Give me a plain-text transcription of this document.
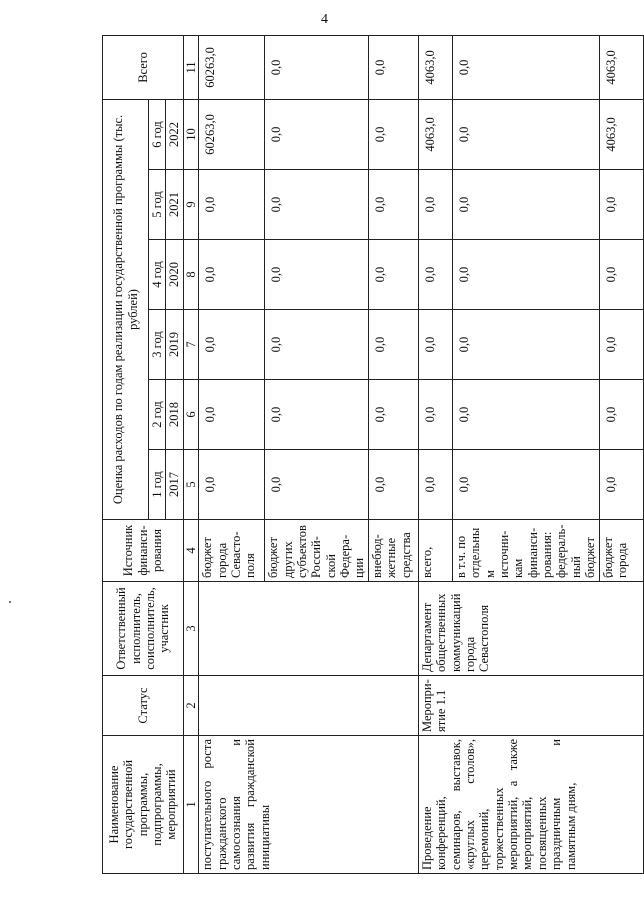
4
Наименование государственной программы, подпрограммы, мероприятий	Статус	Ответственный исполнитель, соисполнитель, участник	Источник финанси-рования	Оценка расходов по годам реализации государственной программы (тыс. рублей)						Всего
				1 год	2 год	3 год	4 год	5 год	6 год	
				2017	2018	2019	2020	2021	2022	
1	2	3	4	5	6	7	8	9	10	11
поступательного роста гражданского самосознания и развития гражданской инициативы			бюджет города Севасто-поля	0,0	0,0	0,0	0,0	0,0	60263,0	60263,0
			бюджет других субъектов Россий-ской Федера-ции	0,0	0,0	0,0	0,0	0,0	0,0	0,0
			внебюд-жетные средства	0,0	0,0	0,0	0,0	0,0	0,0	0,0
Проведение конференций, семинаров, выставок, «круглых столов», церемоний, торжественных мероприятий, а также мероприятий, посвященных праздничным и памятным дням,	Меропри-ятие 1.1	Департамент общественных коммуникаций города Севастополя	всего,	0,0	0,0	0,0	0,0	0,0	4063,0	4063,0
			в т.ч. по отдельным источни-кам финанси-рования: федераль-ный бюджет	0,0	0,0	0,0	0,0	0,0	0,0	0,0
			бюджет города	0,0	0,0	0,0	0,0	0,0	4063,0	4063,0
